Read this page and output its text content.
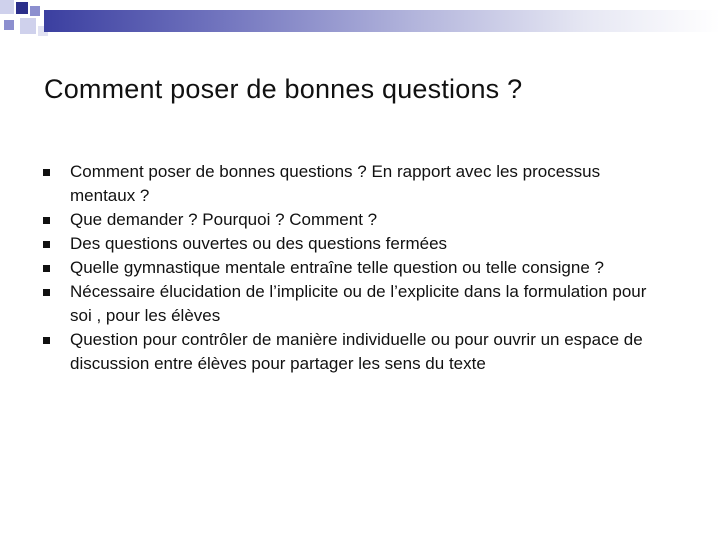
Comment poser de bonnes questions ?
Comment poser de bonnes questions ? En rapport avec les processus mentaux ?
Que demander ? Pourquoi ? Comment ?
Des questions ouvertes ou des questions fermées
Quelle gymnastique mentale entraîne telle question ou telle consigne ?
Nécessaire élucidation de l’implicite ou de l’explicite dans la formulation pour soi , pour les élèves
Question pour contrôler de manière individuelle ou pour ouvrir un espace de discussion entre élèves pour partager les sens du texte
